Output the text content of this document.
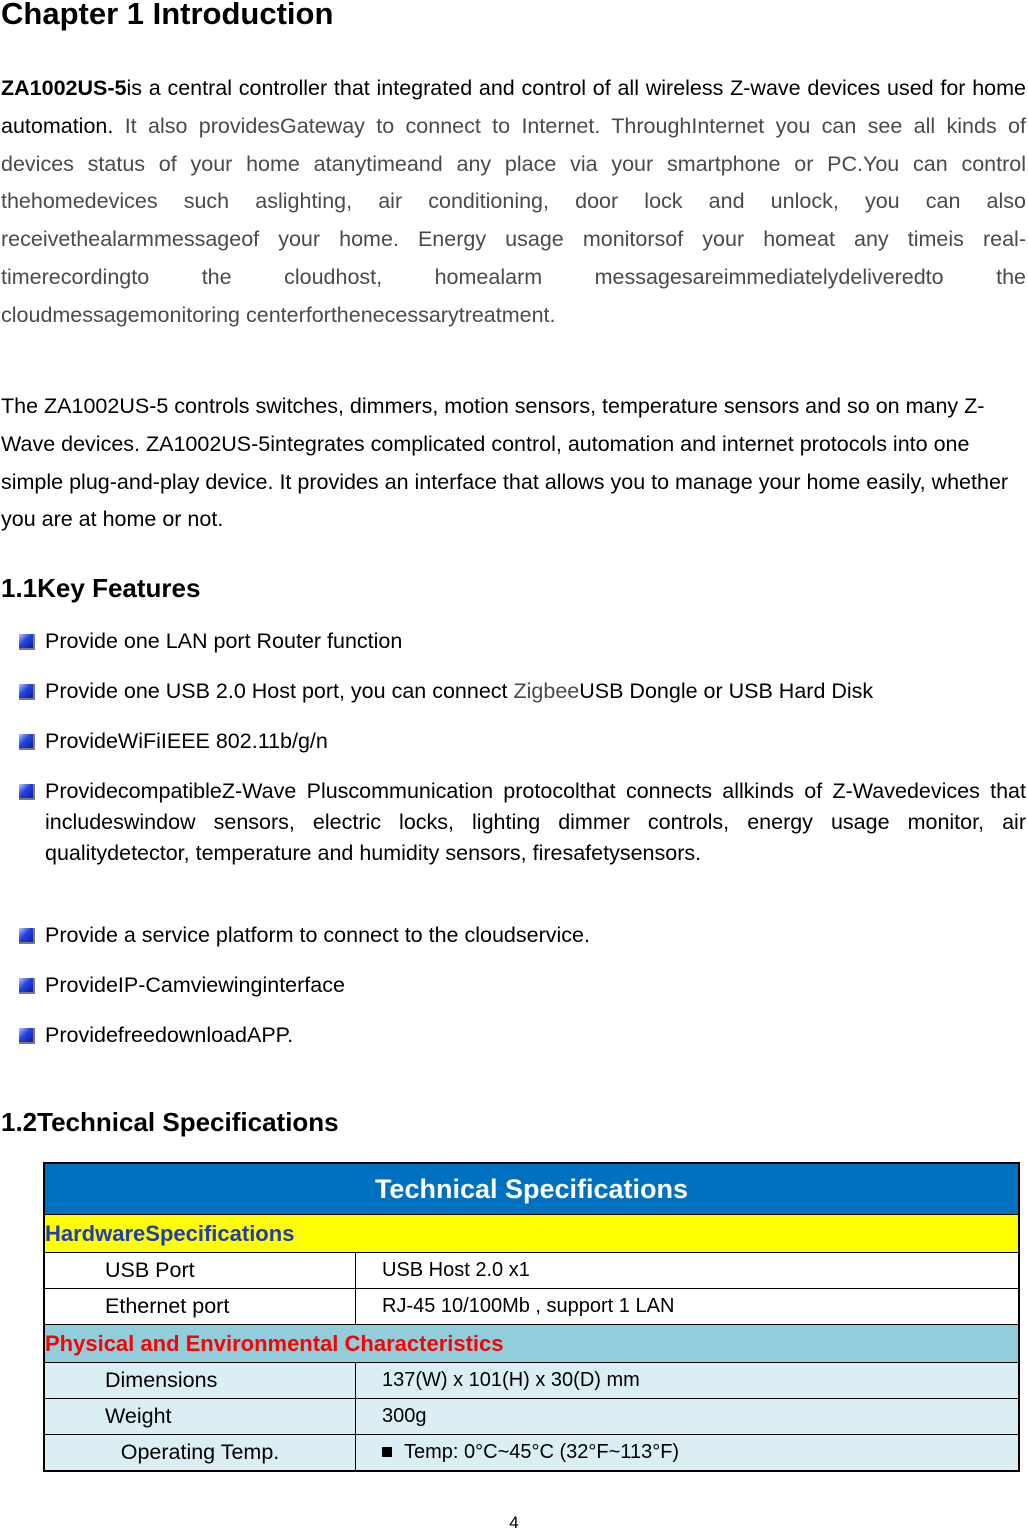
Chapter 1 Introduction

ZA1002US-5is a central controller that integrated and control of all wireless Z-wave devices used for home automation. It also providesGateway to connect to Internet. ThroughInternet you can see all kinds of devices status of your home atanytimeand any place via your smartphone or PC.You can control thehomedevices such aslighting, air conditioning, door lock and unlock, you can also receivethealarmmessageof your home. Energy usage monitorsof your homeat any timeis real-timerecordingto the cloudhost, homealarm messagesareimmediatelydeliveredto the cloudmessagemonitoring centerforthenecessarytreatment.

The ZA1002US-5 controls switches, dimmers, motion sensors, temperature sensors and so on many Z-Wave devices. ZA1002US-5integrates complicated control, automation and internet protocols into one simple plug-and-play device. It provides an interface that allows you to manage your home easily, whether you are at home or not.

1.1Key Features
Provide one LAN port Router function
Provide one USB 2.0 Host port, you can connect ZigbeeUSB Dongle or USB Hard Disk
ProvideWiFiIEEE 802.11b/g/n
ProvidecompatibleZ-Wave Pluscommunication protocolthat connects allkinds of Z-Wavedevices that includeswindow sensors, electric locks, lighting dimmer controls, energy usage monitor, air qualitydetector, temperature and humidity sensors, firesafetysensors.
Provide a service platform to connect to the cloudservice.
ProvideIP-Camviewinginterface
ProvidefreedownloadAPP.
1.2Technical Specifications
Technical Specifications	
HardwareSpecifications	
USB Port	USB Host 2.0 x1
Ethernet port	RJ-45 10/100Mb , support 1 LAN
Physical and Environmental Characteristics	
Dimensions	137(W) x 101(H) x 30(D) mm
Weight	300g
Operating Temp.	Temp: 0°C~45°C (32°F~113°F)
4
